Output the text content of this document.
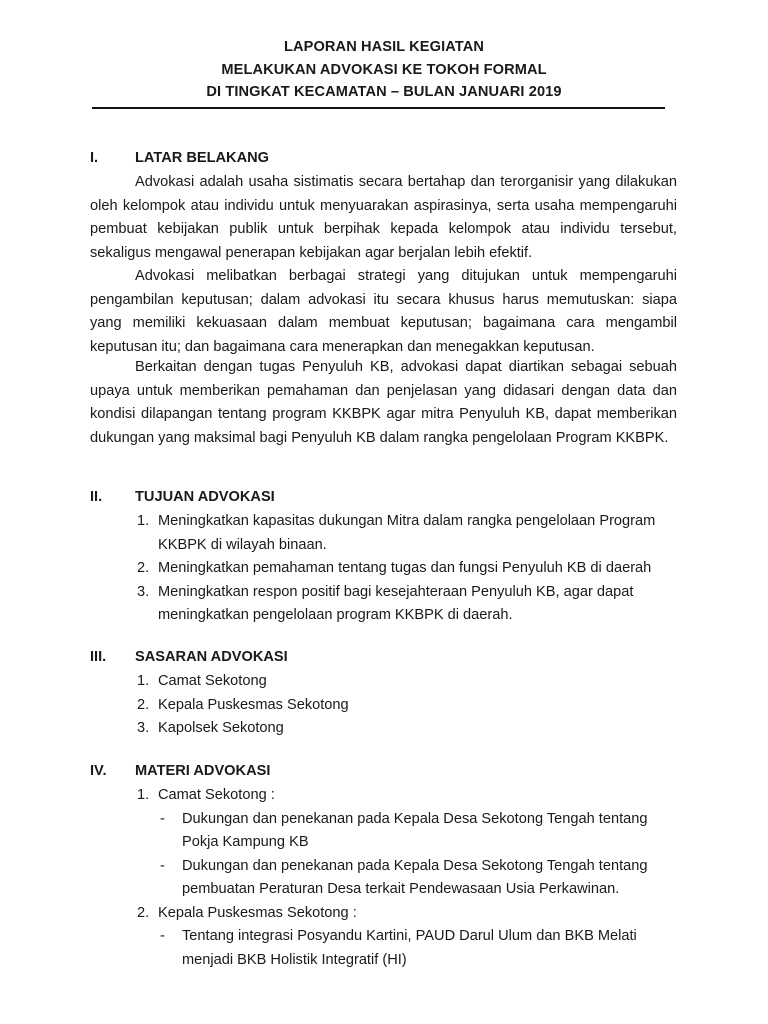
LAPORAN HASIL KEGIATAN
MELAKUKAN ADVOKASI KE TOKOH FORMAL
DI TINGKAT KECAMATAN – BULAN JANUARI 2019
I.	LATAR BELAKANG
Advokasi adalah usaha sistimatis secara bertahap dan terorganisir yang dilakukan oleh kelompok atau individu untuk menyuarakan aspirasinya, serta usaha mempengaruhi pembuat kebijakan publik untuk berpihak kepada kelompok atau individu tersebut, sekaligus mengawal penerapan kebijakan agar berjalan lebih efektif.
Advokasi melibatkan berbagai strategi yang ditujukan untuk mempengaruhi pengambilan keputusan; dalam advokasi itu secara khusus harus memutuskan: siapa yang memiliki kekuasaan dalam membuat keputusan; bagaimana cara mengambil keputusan itu; dan bagaimana cara menerapkan dan menegakkan keputusan.
Berkaitan dengan tugas Penyuluh KB, advokasi dapat diartikan sebagai sebuah upaya untuk memberikan pemahaman dan penjelasan yang didasari dengan data dan kondisi dilapangan tentang program KKBPK agar mitra Penyuluh KB, dapat memberikan dukungan yang maksimal bagi Penyuluh KB dalam rangka pengelolaan Program KKBPK.
II. TUJUAN ADVOKASI
1. Meningkatkan kapasitas dukungan Mitra dalam rangka pengelolaan Program KKBPK di wilayah binaan.
2. Meningkatkan pemahaman tentang tugas dan fungsi Penyuluh KB di daerah
3. Meningkatkan respon positif bagi kesejahteraan Penyuluh KB, agar dapat meningkatkan pengelolaan program KKBPK di daerah.
III. SASARAN ADVOKASI
1. Camat Sekotong
2. Kepala Puskesmas Sekotong
3. Kapolsek Sekotong
IV. MATERI ADVOKASI
1. Camat Sekotong :
- Dukungan dan penekanan pada Kepala Desa Sekotong Tengah tentang Pokja Kampung KB
- Dukungan dan penekanan pada Kepala Desa Sekotong Tengah tentang pembuatan Peraturan Desa terkait Pendewasaan Usia Perkawinan.
2. Kepala Puskesmas Sekotong :
- Tentang integrasi Posyandu Kartini, PAUD Darul Ulum dan BKB Melati menjadi BKB Holistik Integratif (HI)
